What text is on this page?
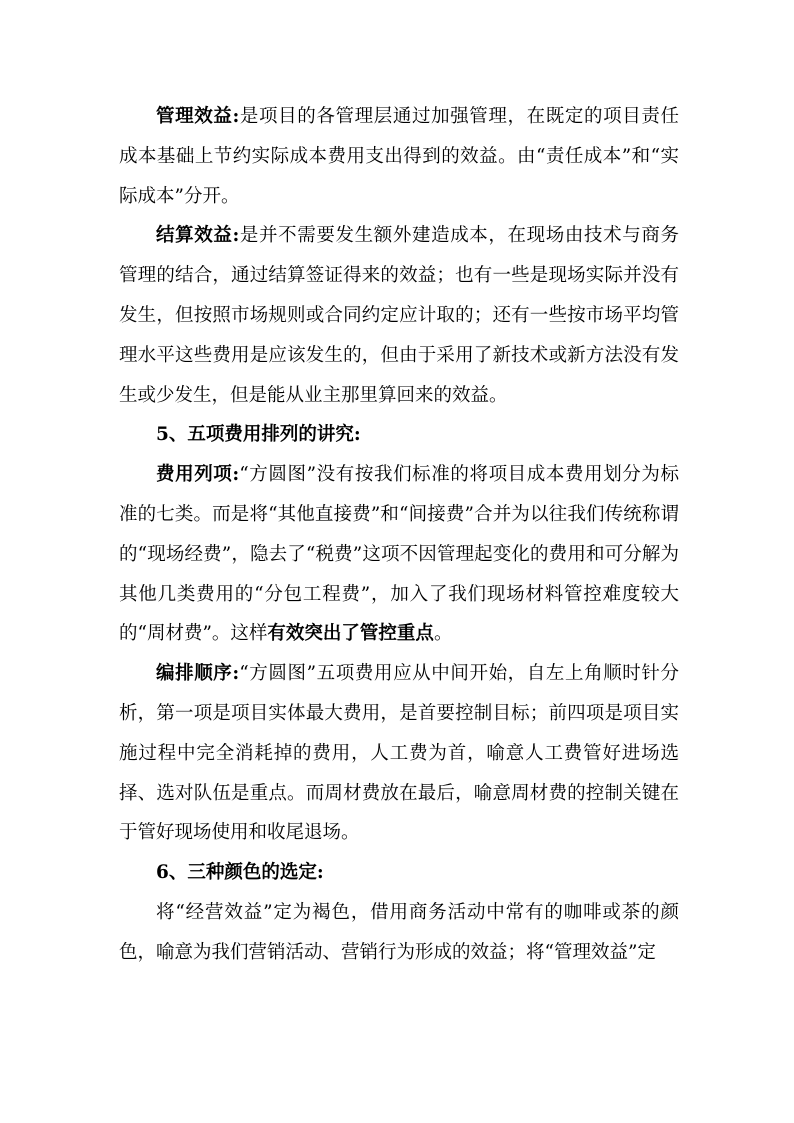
管理效益:是项目的各管理层通过加强管理，在既定的项目责任成本基础上节约实际成本费用支出得到的效益。由“责任成本”和“实际成本”分开。

结算效益:是并不需要发生额外建造成本，在现场由技术与商务管理的结合，通过结算签证得来的效益；也有一些是现场实际并没有发生，但按照市场规则或合同约定应计取的；还有一些按市场平均管理水平这些费用是应该发生的，但由于采用了新技术或新方法没有发生或少发生，但是能从业主那里算回来的效益。

5、五项费用排列的讲究:

费用列项:“方圆图”没有按我们标准的将项目成本费用划分为标准的七类。而是将“其他直接费”和“间接费”合并为以往我们传统称谓的“现场经费”，隐去了“税费”这项不因管理起变化的费用和可分解为其他几类费用的“分包工程费”，加入了我们现场材料管控难度较大的“周材费”。这样有效突出了管控重点。

编排顺序:“方圆图”五项费用应从中间开始，自左上角顺时针分析，第一项是项目实体最大费用，是首要控制目标；前四项是项目实施过程中完全消耗掉的费用，人工费为首，喻意人工费管好进场选择、选对队伍是重点。而周材费放在最后，喻意周材费的控制关键在于管好现场使用和收尾退场。

6、三种颜色的选定:

将“经营效益”定为褐色，借用商务活动中常有的咖啡或茶的颜色，喻意为我们营销活动、营销行为形成的效益；将“管理效益”定
